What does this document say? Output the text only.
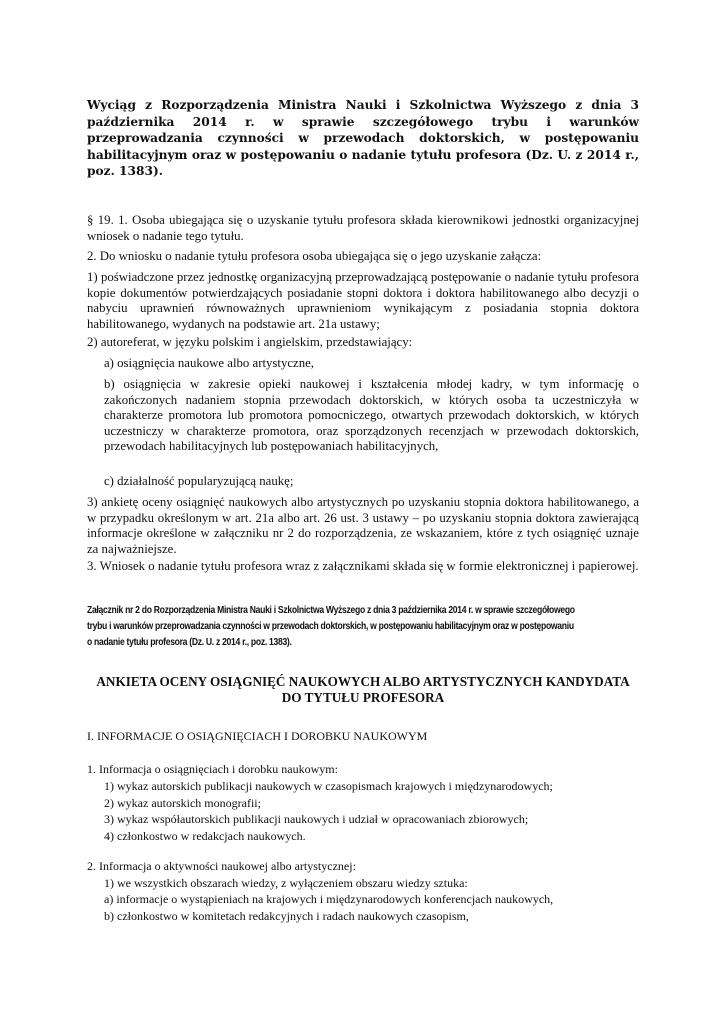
Wyciąg z Rozporządzenia Ministra Nauki i Szkolnictwa Wyższego z dnia 3 października 2014 r. w sprawie szczegółowego trybu i warunków przeprowadzania czynności w przewodach doktorskich, w postępowaniu habilitacyjnym oraz w postępowaniu o nadanie tytułu profesora (Dz. U. z 2014 r., poz. 1383).

§ 19. 1. Osoba ubiegająca się o uzyskanie tytułu profesora składa kierownikowi jednostki organizacyjnej wniosek o nadanie tego tytułu.

2. Do wniosku o nadanie tytułu profesora osoba ubiegająca się o jego uzyskanie załącza:

1) poświadczone przez jednostkę organizacyjną przeprowadzającą postępowanie o nadanie tytułu profesora kopie dokumentów potwierdzających posiadanie stopni doktora i doktora habilitowanego albo decyzji o nabyciu uprawnień równoważnych uprawnieniom wynikającym z posiadania stopnia doktora habilitowanego, wydanych na podstawie art. 21a ustawy;

2) autoreferat, w języku polskim i angielskim, przedstawiający:

a) osiągnięcia naukowe albo artystyczne,

b) osiągnięcia w zakresie opieki naukowej i kształcenia młodej kadry, w tym informację o zakończonych nadaniem stopnia przewodach doktorskich, w których osoba ta uczestniczyła w charakterze promotora lub promotora pomocniczego, otwartych przewodach doktorskich, w których uczestniczy w charakterze promotora, oraz sporządzonych recenzjach w przewodach doktorskich, przewodach habilitacyjnych lub postępowaniach habilitacyjnych,

c) działalność popularyzującą naukę;

3) ankietę oceny osiągnięć naukowych albo artystycznych po uzyskaniu stopnia doktora habilitowanego, a w przypadku określonym w art. 21a albo art. 26 ust. 3 ustawy – po uzyskaniu stopnia doktora zawierającą informacje określone w załączniku nr 2 do rozporządzenia, ze wskazaniem, które z tych osiągnięć uznaje za najważniejsze.

3. Wniosek o nadanie tytułu profesora wraz z załącznikami składa się w formie elektronicznej i papierowej.

Załącznik nr 2 do Rozporządzenia Ministra Nauki i Szkolnictwa Wyższego z dnia 3 października 2014 r. w sprawie szczegółowego
trybu i warunków przeprowadzania czynności w przewodach doktorskich, w postępowaniu habilitacyjnym oraz w postępowaniu
o nadanie tytułu profesora (Dz. U. z 2014 r., poz. 1383).
ANKIETA OCENY OSIĄGNIĘĆ NAUKOWYCH ALBO ARTYSTYCZNYCH KANDYDATA
DO TYTUŁU PROFESORA

I. INFORMACJE O OSIĄGNIĘCIACH I DOROBKU NAUKOWYM

1. Informacja o osiągnięciach i dorobku naukowym:

1) wykaz autorskich publikacji naukowych w czasopismach krajowych i międzynarodowych;

2) wykaz autorskich monografii;

3) wykaz współautorskich publikacji naukowych i udział w opracowaniach zbiorowych;

4) członkostwo w redakcjach naukowych.

2. Informacja o aktywności naukowej albo artystycznej:

1) we wszystkich obszarach wiedzy, z wyłączeniem obszaru wiedzy sztuka:

a) informacje o wystąpieniach na krajowych i międzynarodowych konferencjach naukowych,

b) członkostwo w komitetach redakcyjnych i radach naukowych czasopism,
